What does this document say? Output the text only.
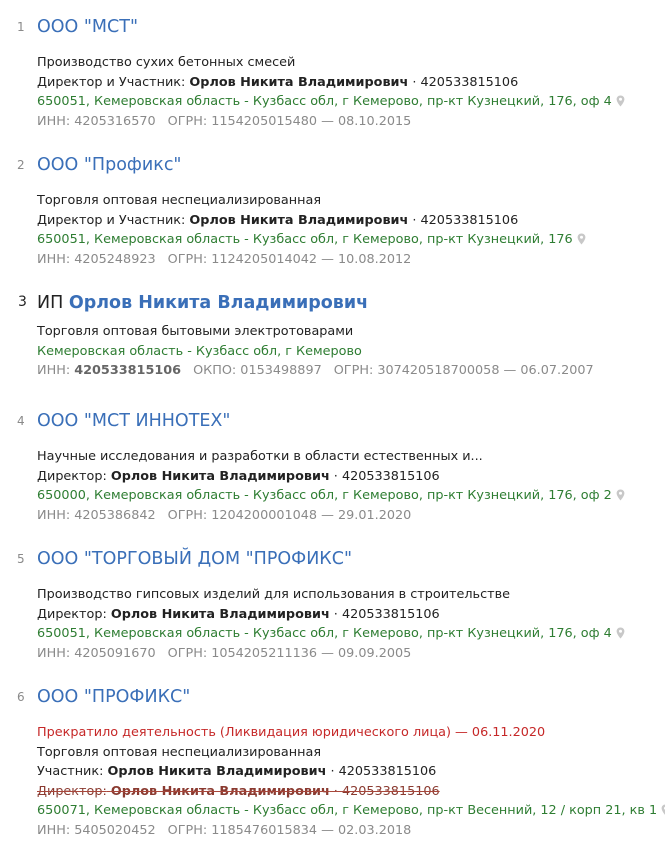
1 ООО "МСТ"
Производство сухих бетонных смесей
Директор и Участник: Орлов Никита Владимирович · 420533815106
650051, Кемеровская область - Кузбасс обл, г Кемерово, пр-кт Кузнецкий, 176, оф 4
ИНН: 4205316570 ОГРН: 1154205015480 — 08.10.2015
2 ООО "Профикс"
Торговля оптовая неспециализированная
Директор и Участник: Орлов Никита Владимирович · 420533815106
650051, Кемеровская область - Кузбасс обл, г Кемерово, пр-кт Кузнецкий, 176
ИНН: 4205248923 ОГРН: 1124205014042 — 10.08.2012
3 ИП Орлов Никита Владимирович
Торговля оптовая бытовыми электротоварами
Кемеровская область - Кузбасс обл, г Кемерово
ИНН: 420533815106 ОКПО: 0153498897 ОГРН: 307420518700058 — 06.07.2007
4 ООО "МСТ ИННОТЕХ"
Научные исследования и разработки в области естественных и...
Директор: Орлов Никита Владимирович · 420533815106
650000, Кемеровская область - Кузбасс обл, г Кемерово, пр-кт Кузнецкий, 176, оф 2
ИНН: 4205386842 ОГРН: 1204200001048 — 29.01.2020
5 ООО "ТОРГОВЫЙ ДОМ "ПРОФИКС"
Производство гипсовых изделий для использования в строительстве
Директор: Орлов Никита Владимирович · 420533815106
650051, Кемеровская область - Кузбасс обл, г Кемерово, пр-кт Кузнецкий, 176, оф 4
ИНН: 4205091670 ОГРН: 1054205211136 — 09.09.2005
6 ООО "ПРОФИКС"
Прекратило деятельность (Ликвидация юридического лица) — 06.11.2020
Торговля оптовая неспециализированная
Участник: Орлов Никита Владимирович · 420533815106
Директор: Орлов Никита Владимирович · 420533815106
650071, Кемеровская область - Кузбасс обл, г Кемерово, пр-кт Весенний, 12 / корп 21, кв 1
ИНН: 5405020452 ОГРН: 1185476015834 — 02.03.2018
